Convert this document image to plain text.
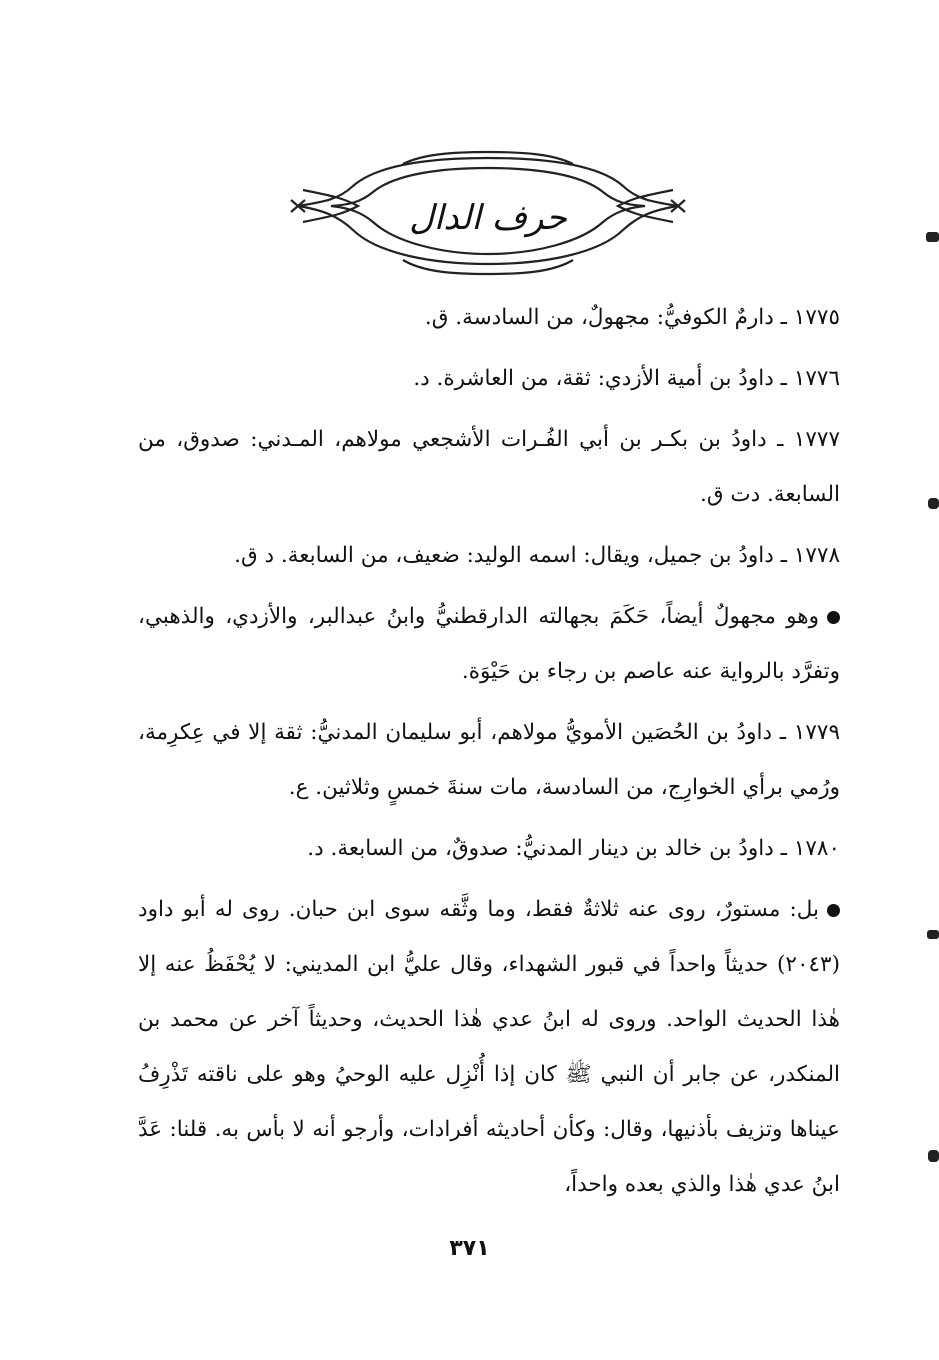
حرف الدال

١٧٧٥ ـ دارمٌ الكوفيُّ: مجهولٌ، من السادسة. ق.

١٧٧٦ ـ داودُ بن أمية الأزدي: ثقة، من العاشرة. د.

١٧٧٧ ـ داودُ بن بكـر بن أبي الفُـرات الأشجعي مولاهم، المـدني: صدوق، من السابعة. دت ق.

١٧٧٨ ـ داودُ بن جميل، ويقال: اسمه الوليد: ضعيف، من السابعة. د ق.

وهو مجهولٌ أيضاً، حَكَمَ بجهالته الدارقطنيُّ وابنُ عبدالبر، والأزدي، والذهبي، وتفرَّد بالرواية عنه عاصم بن رجاء بن حَيْوَة.

١٧٧٩ ـ داودُ بن الحُصَين الأمويُّ مولاهم، أبو سليمان المدنيُّ: ثقة إلا في عِكرِمة، ورُمي برأي الخوارِج، من السادسة، مات سنةَ خمسٍ وثلاثين. ع.

١٧٨٠ ـ داودُ بن خالد بن دينار المدنيُّ: صدوقٌ، من السابعة. د.

بل: مستورٌ، روى عنه ثلاثةٌ فقط، وما وثَّقه سوى ابن حبان. روى له أبو داود (٢٠٤٣) حديثاً واحداً في قبور الشهداء، وقال عليُّ ابن المديني: لا يُحْفَظُ عنه إلا هٰذا الحديث الواحد. وروى له ابنُ عدي هٰذا الحديث، وحديثاً آخر عن محمد بن المنكدر، عن جابر أن النبي ﷺ كان إذا أُنْزِل عليه الوحيُ وهو على ناقته تَذْرِفُ عيناها وتزيف بأذنيها، وقال: وكأن أحاديثه أفرادات، وأرجو أنه لا بأس به. قلنا: عَدَّ ابنُ عدي هٰذا والذي بعده واحداً،

٣٧١
